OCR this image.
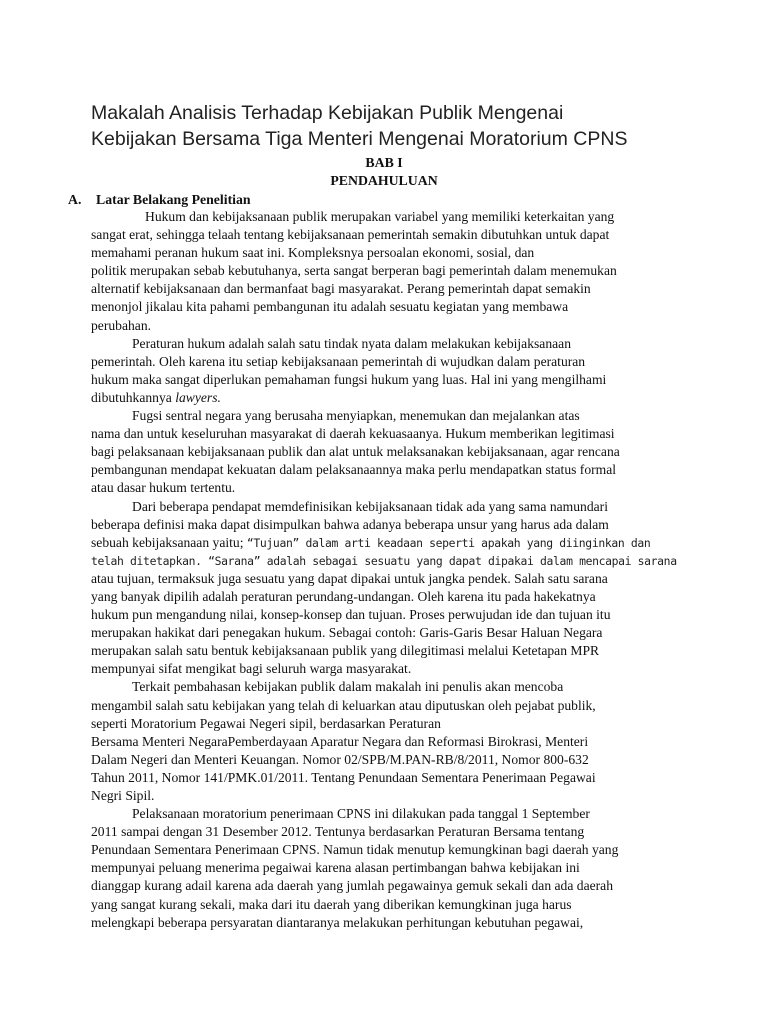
Makalah Analisis Terhadap Kebijakan Publik Mengenai
Kebijakan Bersama Tiga Menteri Mengenai Moratorium CPNS
BAB I
PENDAHULUAN
A. Latar Belakang Penelitian
Hukum dan kebijaksanaan publik merupakan variabel yang memiliki keterkaitan yang
sangat erat, sehingga telaah tentang kebijaksanaan pemerintah semakin dibutuhkan untuk dapat
memahami peranan hukum saat ini. Kompleksnya persoalan ekonomi, sosial, dan
politik merupakan sebab kebutuhanya, serta sangat berperan bagi pemerintah dalam menemukan
alternatif kebijaksanaan dan bermanfaat bagi masyarakat. Perang pemerintah dapat semakin
menonjol jikalau kita pahami pembangunan itu adalah sesuatu kegiatan yang membawa
perubahan.
Peraturan hukum adalah salah satu tindak nyata dalam melakukan kebijaksanaan
pemerintah. Oleh karena itu setiap kebijaksanaan pemerintah di wujudkan dalam peraturan
hukum maka sangat diperlukan pemahaman fungsi hukum yang luas. Hal ini yang mengilhami
dibutuhkannya lawyers.
Fugsi sentral negara yang berusaha menyiapkan, menemukan dan mejalankan atas
nama dan untuk keseluruhan masyarakat di daerah kekuasaanya. Hukum memberikan legitimasi
bagi pelaksanaan kebijaksanaan publik dan alat untuk melaksanakan kebijaksanaan, agar rencana
pembangunan mendapat kekuatan dalam pelaksanaannya maka perlu mendapatkan status formal
atau dasar hukum tertentu.
Dari beberapa pendapat memdefinisikan kebijaksanaan tidak ada yang sama namundari
beberapa definisi maka dapat disimpulkan bahwa adanya beberapa unsur yang harus ada dalam
sebuah kebijaksanaan yaitu; “Tujuan” dalam arti keadaan seperti apakah yang diinginkan dan
telah ditetapkan. “Sarana” adalah sebagai sesuatu yang dapat dipakai dalam mencapai sarana
atau tujuan, termaksuk juga sesuatu yang dapat dipakai untuk jangka pendek. Salah satu sarana
yang banyak dipilih adalah peraturan perundang-undangan. Oleh karena itu pada hakekatnya
hukum pun mengandung nilai, konsep-konsep dan tujuan. Proses perwujudan ide dan tujuan itu
merupakan hakikat dari penegakan hukum. Sebagai contoh: Garis-Garis Besar Haluan Negara
merupakan salah satu bentuk kebijaksanaan publik yang dilegitimasi melalui Ketetapan MPR
mempunyai sifat mengikat bagi seluruh warga masyarakat.
Terkait pembahasan kebijakan publik dalam makalah ini penulis akan mencoba
mengambil salah satu kebijakan yang telah di keluarkan atau diputuskan oleh pejabat publik,
seperti Moratorium Pegawai Negeri sipil, berdasarkan Peraturan
Bersama Menteri NegaraPemberdayaan Aparatur Negara dan Reformasi Birokrasi, Menteri
Dalam Negeri dan Menteri Keuangan. Nomor 02/SPB/M.PAN-RB/8/2011, Nomor 800-632
Tahun 2011, Nomor 141/PMK.01/2011. Tentang Penundaan Sementara Penerimaan Pegawai
Negri Sipil.
Pelaksanaan moratorium penerimaan CPNS ini dilakukan pada tanggal 1 September
2011 sampai dengan 31 Desember 2012. Tentunya berdasarkan Peraturan Bersama tentang
Penundaan Sementara Penerimaan CPNS. Namun tidak menutup kemungkinan bagi daerah yang
mempunyai peluang menerima pegaiwai karena alasan pertimbangan bahwa kebijakan ini
dianggap kurang adail karena ada daerah yang jumlah pegawainya gemuk sekali dan ada daerah
yang sangat kurang sekali, maka dari itu daerah yang diberikan kemungkinan juga harus
melengkapi beberapa persyaratan diantaranya melakukan perhitungan kebutuhan pegawai,
